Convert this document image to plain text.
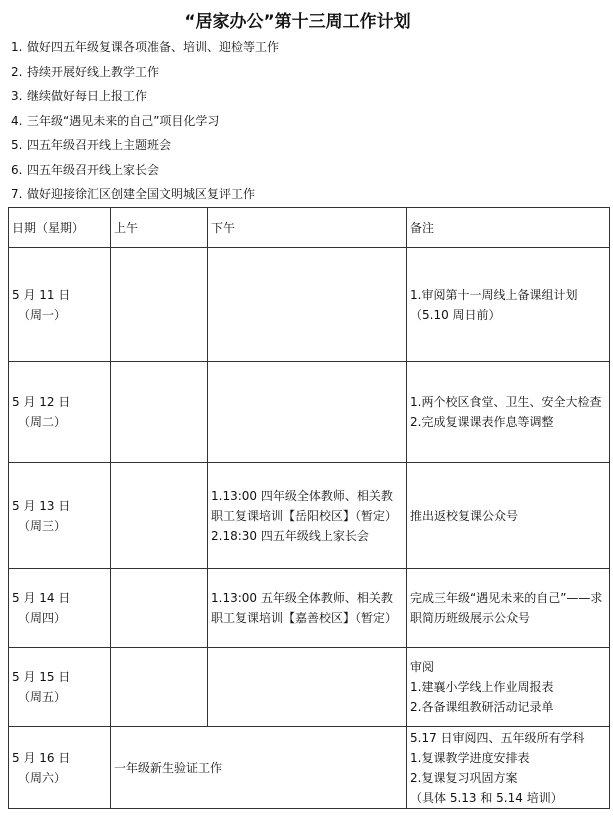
“居家办公”第十三周工作计划
1. 做好四五年级复课各项准备、培训、迎检等工作
2. 持续开展好线上教学工作
3. 继续做好每日上报工作
4. 三年级“遇见未来的自己”项目化学习
5. 四五年级召开线上主题班会
6. 四五年级召开线上家长会
7. 做好迎接徐汇区创建全国文明城区复评工作
日期（星期）	上午	下午	备注

5 月 11 日
（周一）			1.审阅第十一周线上备课组计划
（5.10 周日前）

5 月 12 日
（周二）			1.两个校区食堂、卫生、安全大检查
2.完成复课课表作息等调整

5 月 13 日
（周三）		1.13:00 四年级全体教师、相关教职工复课培训【岳阳校区】（暂定）
2.18:30 四五年级线上家长会	推出返校复课公众号

5 月 14 日
（周四）		1.13:00 五年级全体教师、相关教职工复课培训【嘉善校区】（暂定）	完成三年级“遇见未来的自己”——求职简历班级展示公众号

5 月 15 日
（周五）			审阅
1.建襄小学线上作业周报表
2.各备课组教研活动记录单

5 月 16 日
（周六）	一年级新生验证工作		5.17 日审阅四、五年级所有学科
1.复课教学进度安排表
2.复课复习巩固方案
（具体 5.13 和 5.14 培训）
